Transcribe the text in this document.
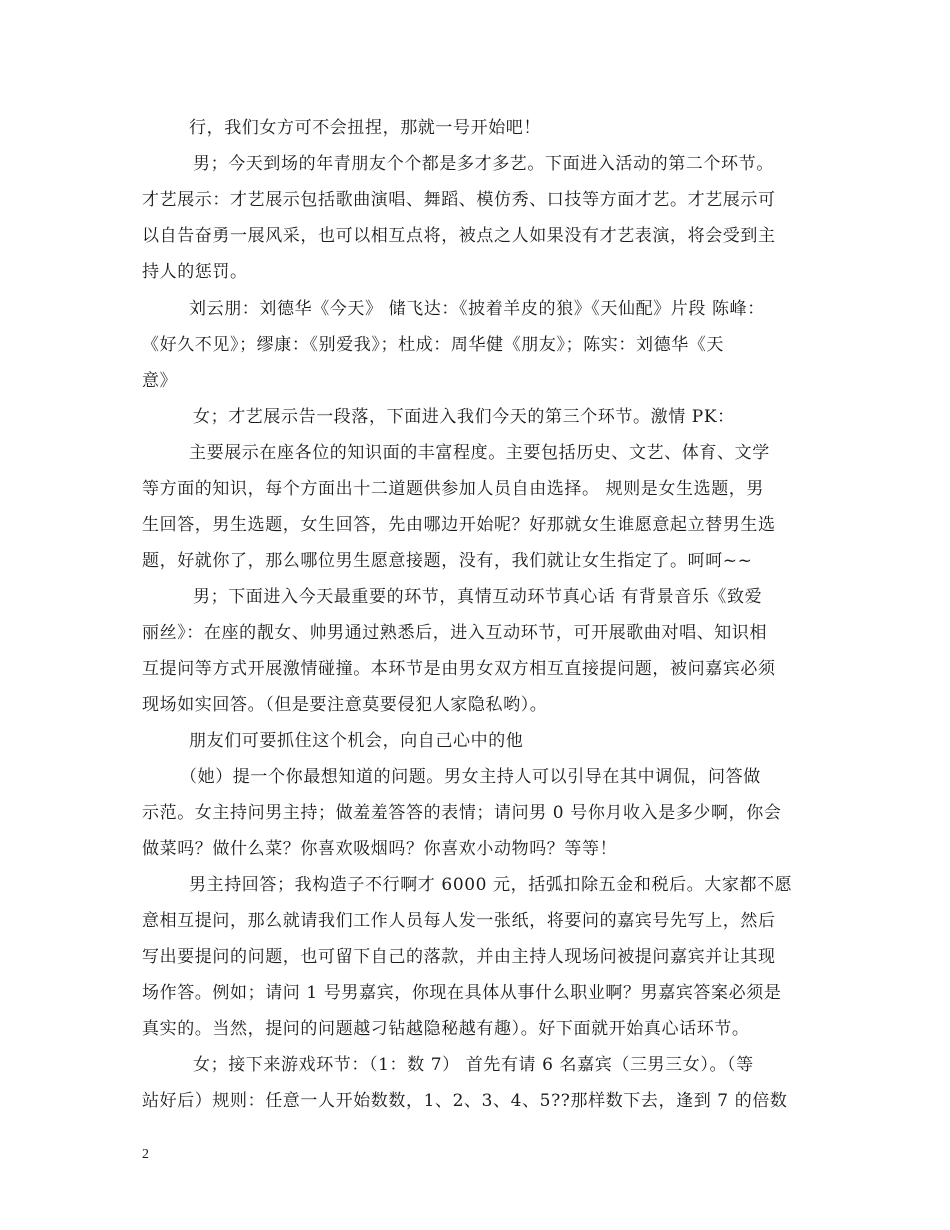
行，我们女方可不会扭捏，那就一号开始吧！
男；今天到场的年青朋友个个都是多才多艺。下面进入活动的第二个环节。
才艺展示：才艺展示包括歌曲演唱、舞蹈、模仿秀、口技等方面才艺。才艺展示可
以自告奋勇一展风采，也可以相互点将，被点之人如果没有才艺表演，将会受到主
持人的惩罚。
刘云朋：刘德华《今天》 储飞达：《披着羊皮的狼》《天仙配》片段 陈峰：
《好久不见》；缪康：《别爱我》；杜成：周华健《朋友》；陈实：刘德华《天
意》
女；才艺展示告一段落，下面进入我们今天的第三个环节。激情 PK：
主要展示在座各位的知识面的丰富程度。主要包括历史、文艺、体育、文学
等方面的知识，每个方面出十二道题供参加人员自由选择。 规则是女生选题，男
生回答，男生选题，女生回答，先由哪边开始呢？好那就女生谁愿意起立替男生选
题，好就你了，那么哪位男生愿意接题，没有，我们就让女生指定了。呵呵~~
男；下面进入今天最重要的环节，真情互动环节真心话 有背景音乐《致爱
丽丝》：在座的靓女、帅男通过熟悉后，进入互动环节，可开展歌曲对唱、知识相
互提问等方式开展激情碰撞。本环节是由男女双方相互直接提问题，被问嘉宾必须
现场如实回答。（但是要注意莫要侵犯人家隐私哟）。
朋友们可要抓住这个机会，向自己心中的他
（她）提一个你最想知道的问题。男女主持人可以引导在其中调侃，问答做
示范。女主持问男主持；做羞羞答答的表情；请问男 0 号你月收入是多少啊，你会
做菜吗？做什么菜？你喜欢吸烟吗？你喜欢小动物吗？等等！
男主持回答；我构造子不行啊才 6000 元，括弧扣除五金和税后。大家都不愿
意相互提问，那么就请我们工作人员每人发一张纸，将要问的嘉宾号先写上，然后
写出要提问的问题，也可留下自己的落款，并由主持人现场问被提问嘉宾并让其现
场作答。例如；请问 1 号男嘉宾，你现在具体从事什么职业啊？男嘉宾答案必须是
真实的。当然，提问的问题越刁钻越隐秘越有趣）。好下面就开始真心话环节。
女；接下来游戏环节：（1：数 7） 首先有请 6 名嘉宾（三男三女）。（等
站好后）规则：任意一人开始数数，1、2、3、4、5??那样数下去，逢到 7 的倍数
2
